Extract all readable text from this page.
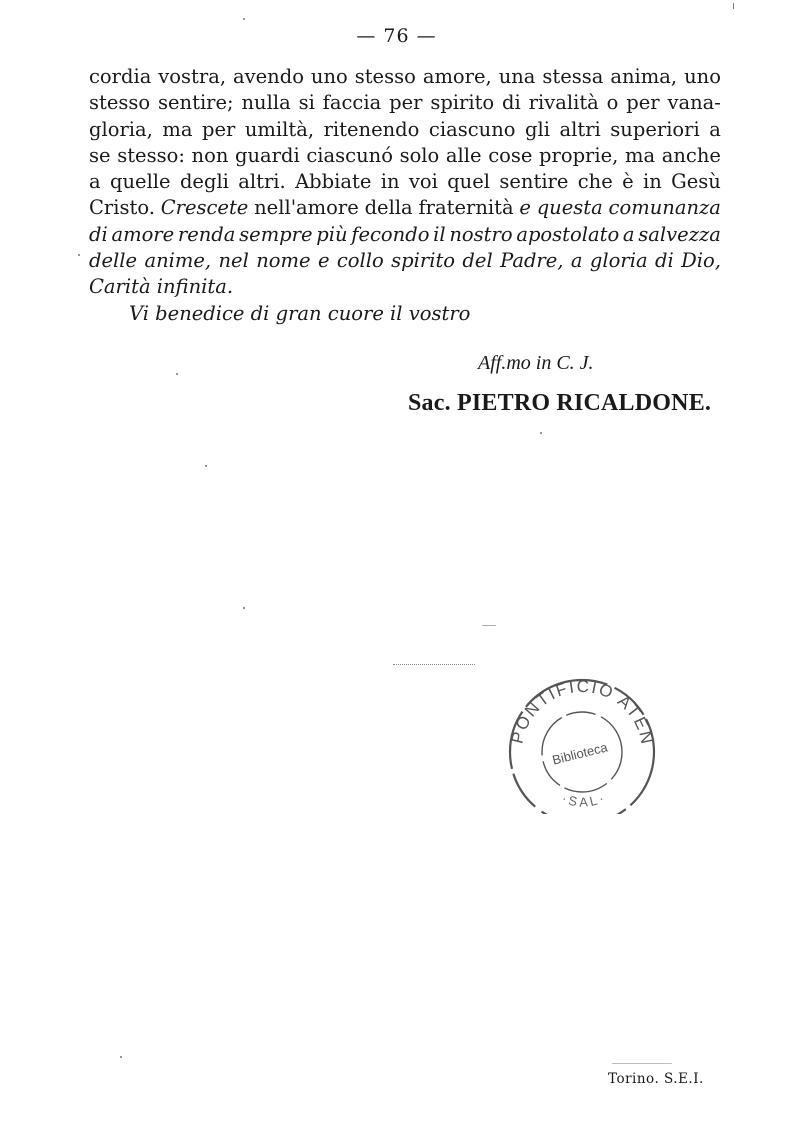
— 76 —
cordia vostra, avendo uno stesso amore, una stessa anima, uno
stesso sentire; nulla si faccia per spirito di rivalità o per vana-
gloria, ma per umiltà, ritenendo ciascuno gli altri superiori a
se stesso: non guardi ciascunó solo alle cose proprie, ma anche
a quelle degli altri. Abbiate in voi quel sentire che è in Gesù
Cristo. Crescete nell'amore della fraternità e questa comunanza
di amore renda sempre più fecondo il nostro apostolato a salvezza
delle anime, nel nome e collo spirito del Padre, a gloria di Dio,
Carità infinita.
Vi benedice di gran cuore il vostro
Aff.mo in C. J.
Sac. PIETRO RICALDONE.
PONTIFICIO ATEN
·SAL·
Biblioteca
Torino. S.E.I.
